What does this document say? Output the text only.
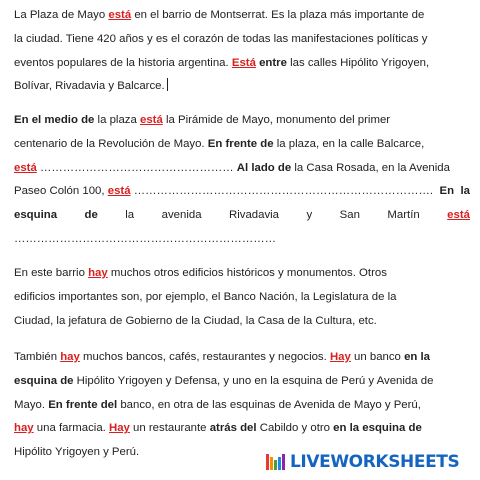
La Plaza de Mayo está en el barrio de Montserrat. Es la plaza más importante de
la ciudad. Tiene 420 años y es el corazón de todas las manifestaciones políticas y
eventos populares de la historia argentina. Está entre las calles Hipólito Yrigoyen,
Bolívar, Rivadavia y Balcarce.

En el medio de la plaza está la Pirámide de Mayo, monumento del primer
centenario de la Revolución de Mayo. En frente de la plaza, en la calle Balcarce,
está …………………………………………… Al lado de la Casa Rosada, en la Avenida
Paseo Colón 100, está ……………………………………………………………………. En la
esquina de la avenida Rivadavia y San Martín está
……………………………………………………………

En este barrio hay muchos otros edificios históricos y monumentos. Otros
edificios importantes son, por ejemplo, el Banco Nación, la Legislatura de la
Ciudad, la jefatura de Gobierno de la Ciudad, la Casa de la Cultura, etc.

También hay muchos bancos, cafés, restaurantes y negocios. Hay un banco en la
esquina de Hipólito Yrigoyen y Defensa, y uno en la esquina de Perú y Avenida de
Mayo. En frente del banco, en otra de las esquinas de Avenida de Mayo y Perú,
hay una farmacia. Hay un restaurante atrás del Cabildo y otro en la esquina de
Hipólito Yrigoyen y Perú.	LIVEWORKSHEETS
